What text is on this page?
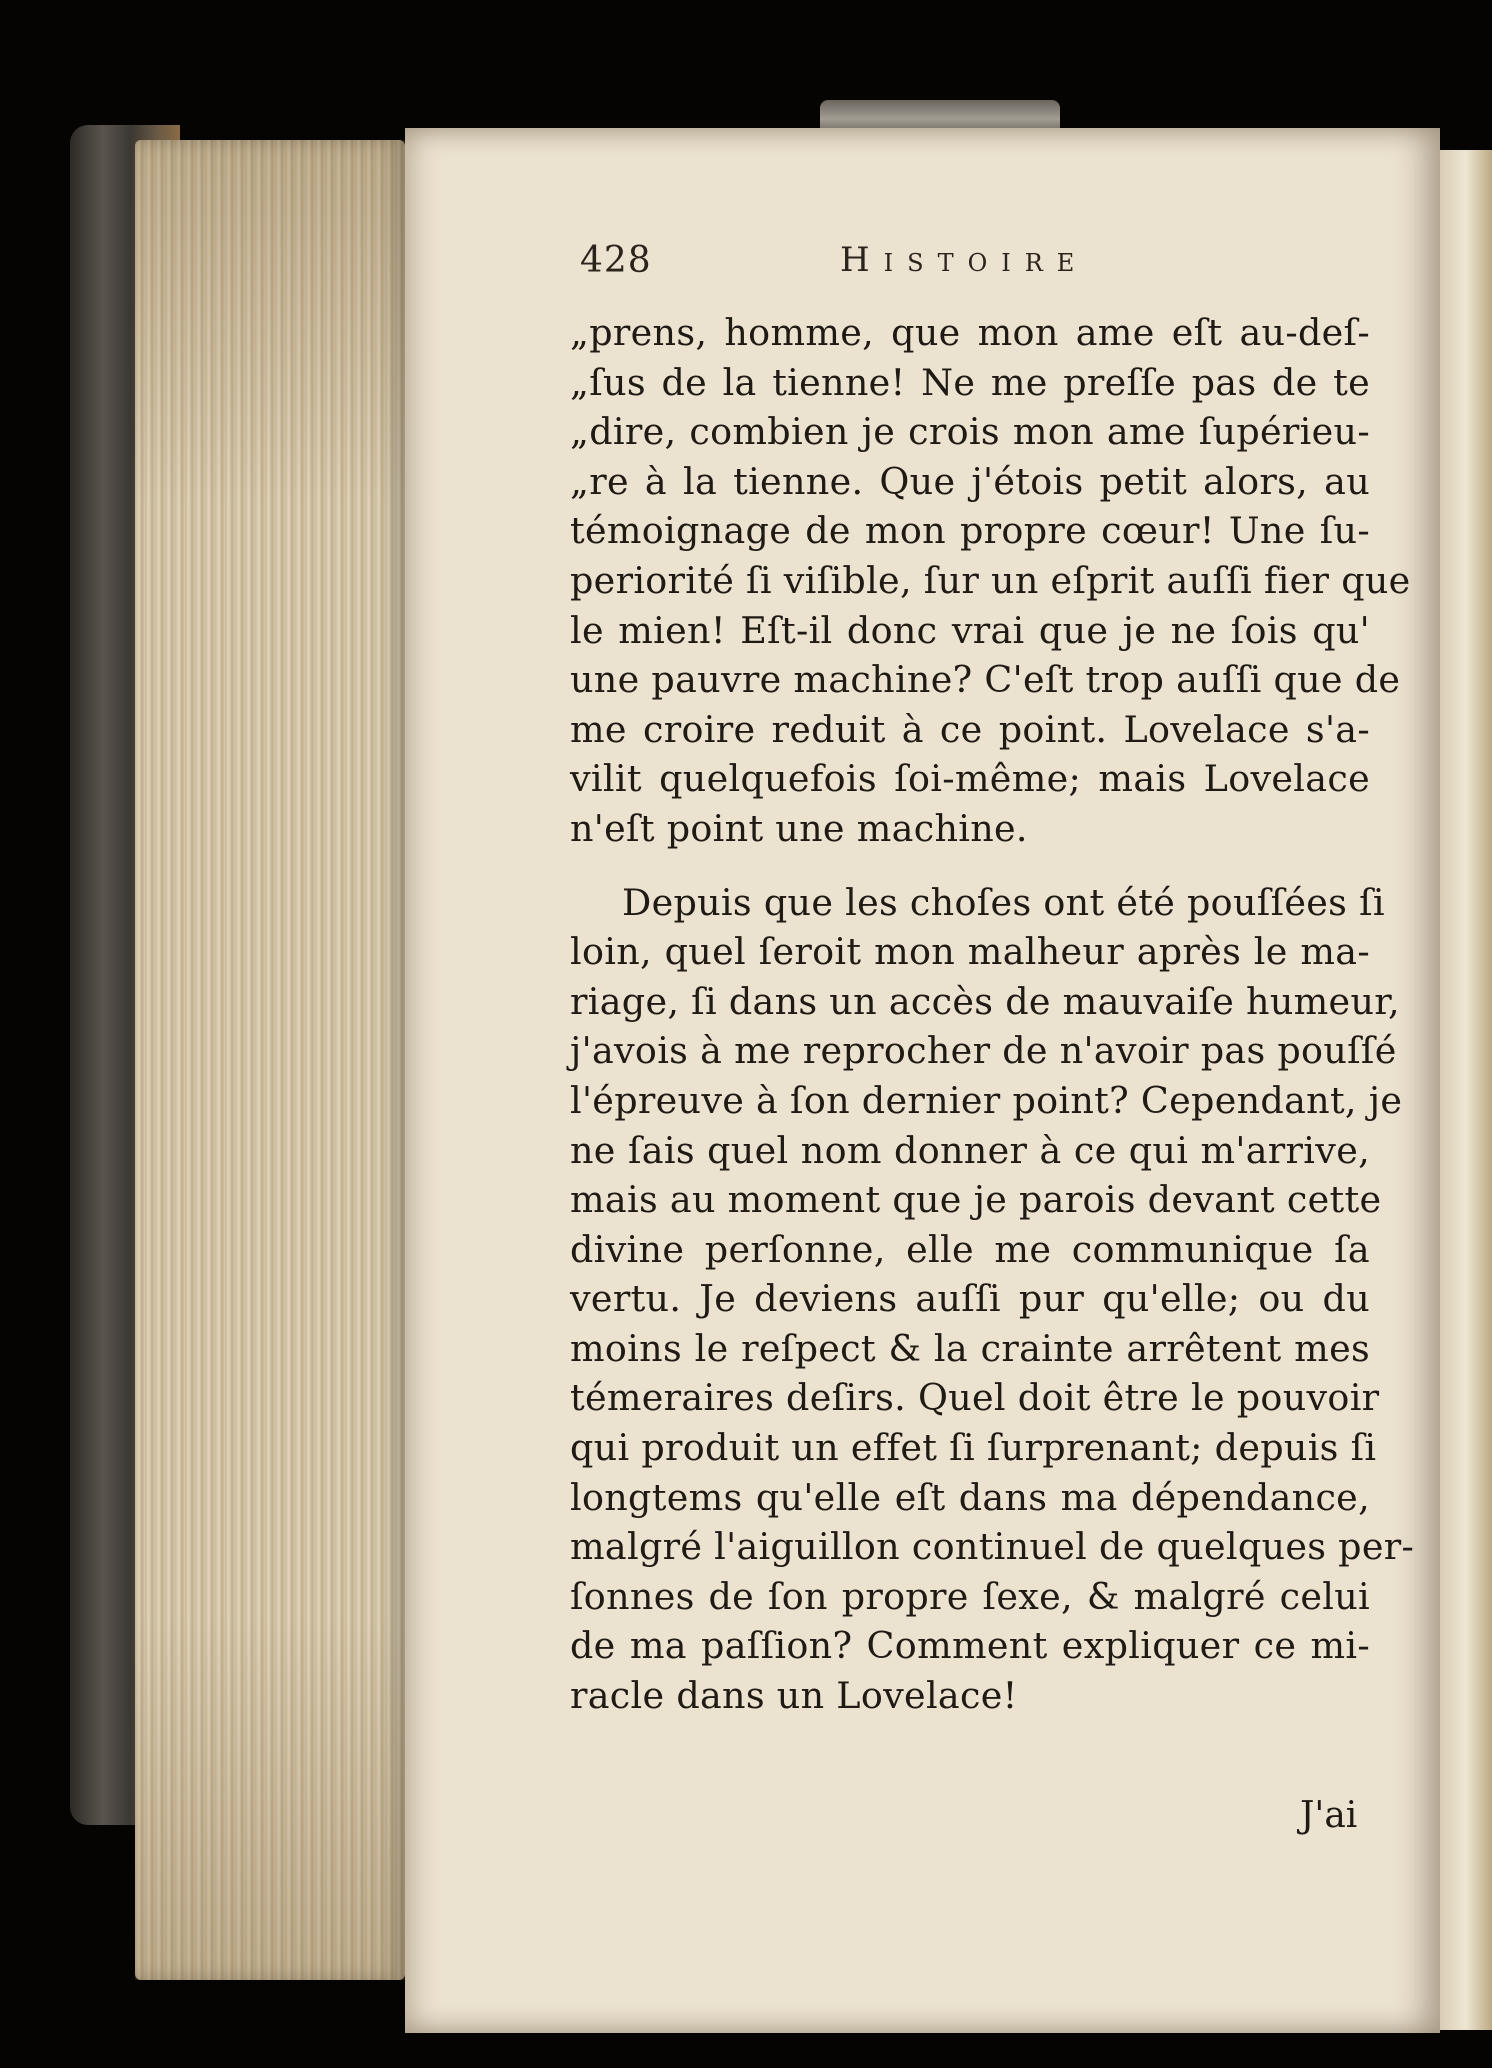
428	Histoire
„prens, homme, que mon ame eſt au-deſ-
„ſus de la tienne! Ne me preſſe pas de te
„dire, combien je crois mon ame ſupérieu-
„re à la tienne. Que j'étois petit alors, au
témoignage de mon propre cœur! Une ſu-
periorité ſi viſible, ſur un eſprit auſſi fier que
le mien! Eſt-il donc vrai que je ne ſois qu'
une pauvre machine? C'eſt trop auſſi que de
me croire reduit à ce point. Lovelace s'a-
vilit quelquefois ſoi-même; mais Lovelace
n'eſt point une machine.
Depuis que les choſes ont été pouſſées ſi
loin, quel ſeroit mon malheur après le ma-
riage, ſi dans un accès de mauvaiſe humeur,
j'avois à me reprocher de n'avoir pas pouſſé
l'épreuve à ſon dernier point? Cependant, je
ne ſais quel nom donner à ce qui m'arrive,
mais au moment que je parois devant cette
divine perſonne, elle me communique ſa
vertu. Je deviens auſſi pur qu'elle; ou du
moins le reſpect & la crainte arrêtent mes
témeraires deſirs. Quel doit être le pouvoir
qui produit un effet ſi ſurprenant; depuis ſi
longtems qu'elle eſt dans ma dépendance,
malgré l'aiguillon continuel de quelques per-
ſonnes de ſon propre ſexe, & malgré celui
de ma paſſion? Comment expliquer ce mi-
racle dans un Lovelace!
J'ai
